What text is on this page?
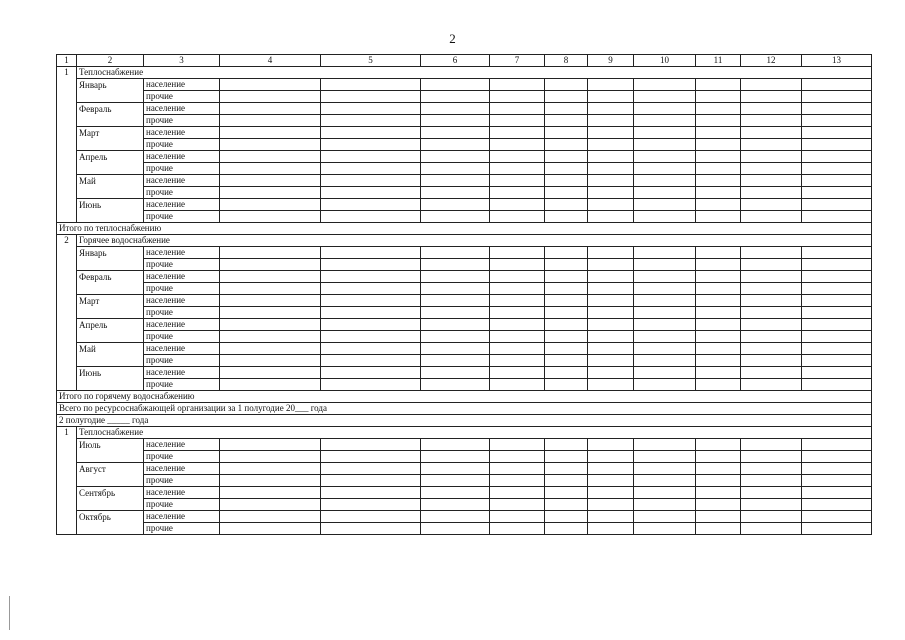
2
1	2	3	4	5	6	7	8	9	10	11	12	13
1	Теплоснабжение											
	Январь	население										
		прочие										
	Февраль	население										
		прочие										
	Март	население										
		прочие										
	Апрель	население										
		прочие										
	Май	население										
		прочие										
	Июнь	население										
		прочие										
Итого по теплоснабжению												
2	Горячее водоснабжение											
	Январь	население										
		прочие										
	Февраль	население										
		прочие										
	Март	население										
		прочие										
	Апрель	население										
		прочие										
	Май	население										
		прочие										
	Июнь	население										
		прочие										
Итого по горячему водоснабжению												
Всего по ресурсоснабжающей организации за 1 полугодие 20___ года												
2 полугодие _____ года												
1	Теплоснабжение											
	Июль	население										
		прочие										
	Август	население										
		прочие										
	Сентябрь	население										
		прочие										
	Октябрь	население										
		прочие										
